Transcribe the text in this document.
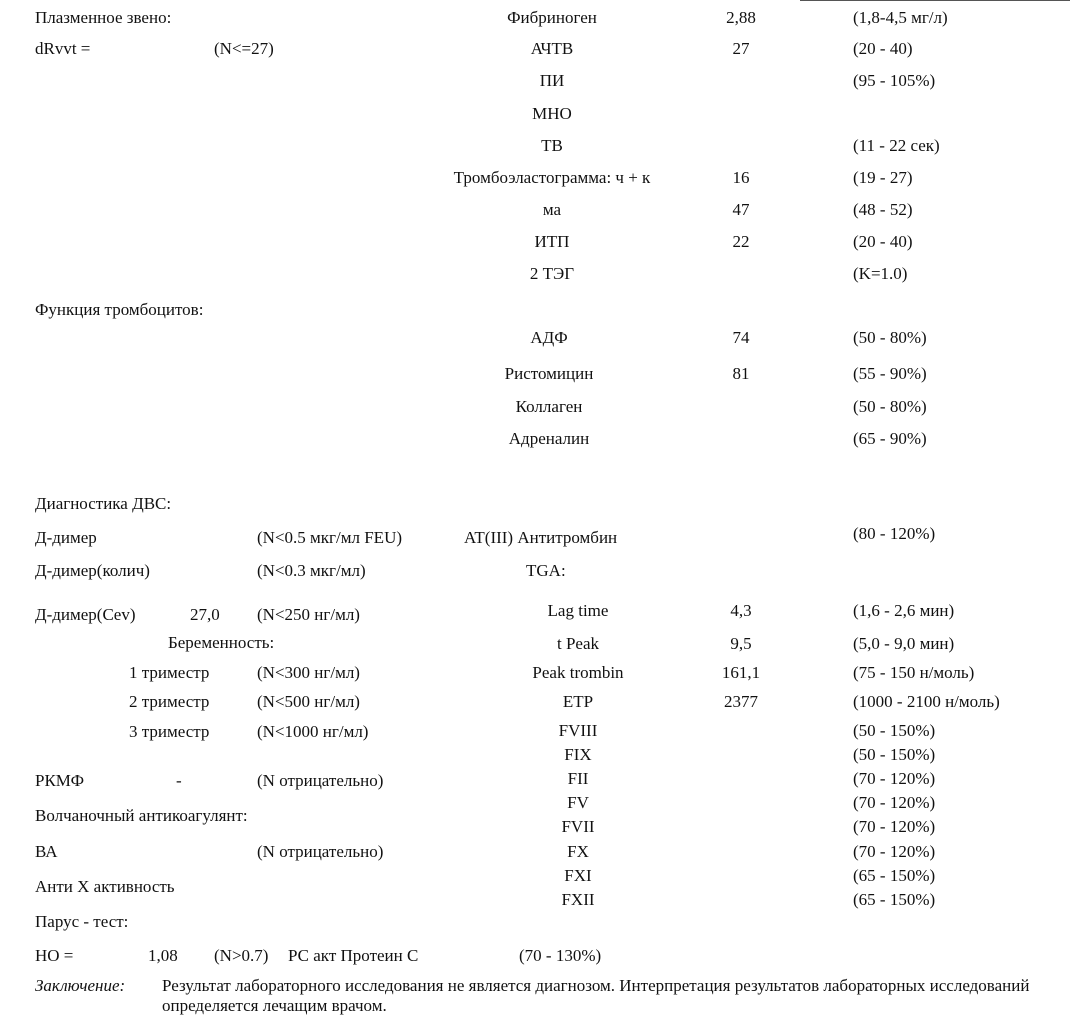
Плазменное звено:
dRvvt =	(N<=27)
Фибриноген	2,88	(1,8-4,5 мг/л)
АЧТВ	27	(20 - 40)
ПИ	(95 - 105%)
МНО
ТВ	(11 - 22 сек)
Тромбоэластограмма: ч + к	16	(19 - 27)
ма	47	(48 - 52)
ИТП	22	(20 - 40)
2 ТЭГ	(K=1.0)
Функция тромбоцитов:
АДФ	74	(50 - 80%)
Ристомицин	81	(55 - 90%)
Коллаген	(50 - 80%)
Адреналин	(65 - 90%)
Диагностика ДВС:
Д-димер	(N<0.5 мкг/мл FEU)	AT(III) Антитромбин	(80 - 120%)
Д-димер(колич)	(N<0.3 мкг/мл)	TGA:
Д-димер(Cev)	27,0 (N<250 нг/мл)
Беременность:
1 триместр	(N<300 нг/мл)
2 триместр	(N<500 нг/мл)
3 триместр	(N<1000 нг/мл)
Lag time	4,3	(1,6 - 2,6 мин)
t Peak	9,5	(5,0 - 9,0 мин)
Peak trombin	161,1	(75 - 150 н/моль)
ETP	2377	(1000 - 2100 н/моль)
FVIII	(50 - 150%)
FIX	(50 - 150%)
FII	(70 - 120%)
FV	(70 - 120%)
FVII	(70 - 120%)
FX	(70 - 120%)
FXI	(65 - 150%)
FXII	(65 - 150%)
РКМФ	-	(N отрицательно)
Волчаночный антикоагулянт:
ВА	(N отрицательно)
Анти X активность
Парус - тест:
НО =	1,08 (N>0.7) РС акт Протеин С	(70 - 130%)
Заключение: Результат лабораторного исследования не является диагнозом. Интерпретация результатов лабораторных исследований определяется лечащим врачом.
